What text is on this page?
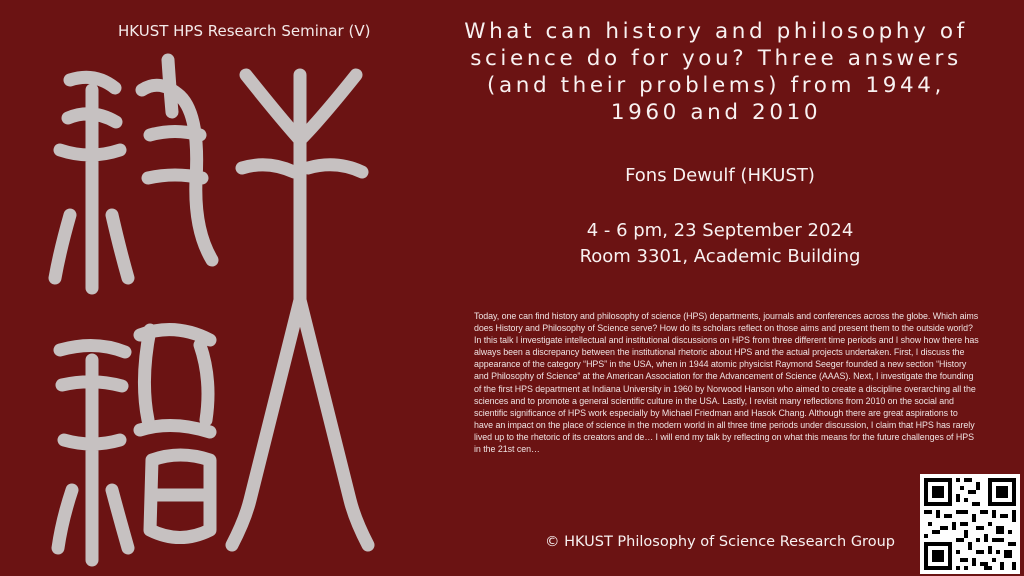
HKUST HPS Research Seminar (V)	What can history and philosophy of science do for you? Three answers (and their problems) from 1944, 1960 and 2010
Fons Dewulf (HKUST)
4 - 6 pm, 23 September 2024
Room 3301, Academic Building
Today, one can find history and philosophy of science (HPS) departments, journals and conferences across the globe. Which aims does History and Philosophy of Science serve? How do its scholars reflect on those aims and present them to the outside world? In this talk I investigate intellectual and institutional discussions on HPS from three different time periods and I show how there has always been a discrepancy between the institutional rhetoric about HPS and the actual projects undertaken. First, I discuss the appearance of the category “HPS” in the USA, when in 1944 atomic physicist Raymond Seeger founded a new section “History and Philosophy of Science” at the American Association for the Advancement of Science (AAAS). Next, I investigate the founding of the first HPS department at Indiana University in 1960 by Norwood Hanson who aimed to create a discipline overarching all the sciences and to promote a general scientific culture in the USA. Lastly, I revisit many reflections from 2010 on the social and scientific significance of HPS work especially by Michael Friedman and Hasok Chang. Although there are great aspirations to have an impact on the place of science in the modern world in all three time periods under discussion, I claim that HPS has rarely lived up to the rhetoric of its creators and de… I will end my talk by reflecting on what this means for the future challenges of HPS in the 21st cen…
© HKUST Philosophy of Science Research Group
